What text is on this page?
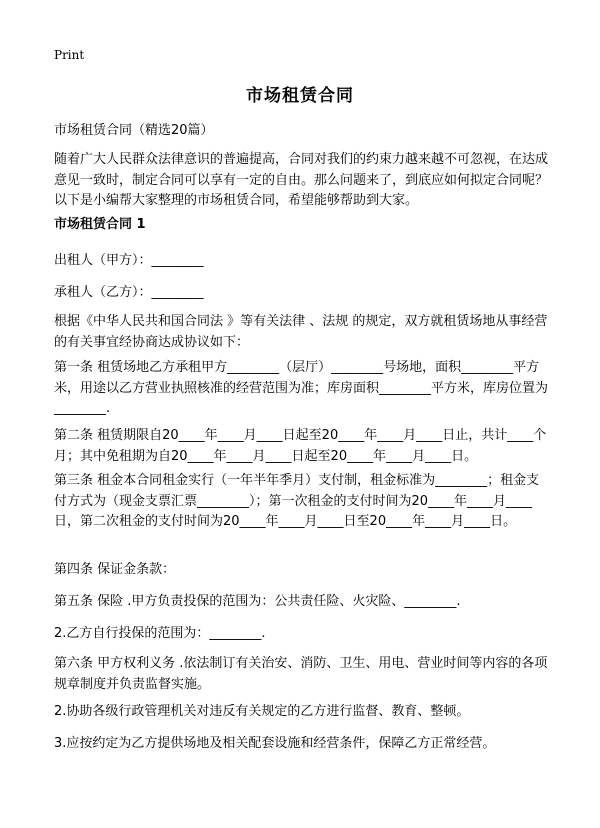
Print
市场租赁合同
市场租赁合同（精选20篇）
随着广大人民群众法律意识的普遍提高，合同对我们的约束力越来越不可忽视，在达成意见一致时，制定合同可以享有一定的自由。那么问题来了，到底应如何拟定合同呢？以下是小编帮大家整理的市场租赁合同，希望能够帮助到大家。
市场租赁合同 1
出租人（甲方）：________
承租人（乙方）：________
根据《中华人民共和国合同法 》等有关法律 、法规 的规定，双方就租赁场地从事经营的有关事宜经协商达成协议如下：
第一条 租赁场地乙方承租甲方________（层厅）________号场地，面积________平方米，用途以乙方营业执照核准的经营范围为准；库房面积________平方米，库房位置为________.
第二条 租赁期限自20____年____月____日起至20____年____月____日止，共计____个月；其中免租期为自20____年____月____日起至20____年____月____日。
第三条 租金本合同租金实行（一年半年季月）支付制，租金标准为________；租金支付方式为（现金支票汇票________）；第一次租金的支付时间为20____年____月____日，第二次租金的支付时间为20____年____月____日至20____年____月____日。
第四条 保证金条款：
第五条 保险 .甲方负责投保的范围为：公共责任险、火灾险、________.
2.乙方自行投保的范围为：________.
第六条 甲方权利义务 .依法制订有关治安、消防、卫生、用电、营业时间等内容的各项规章制度并负责监督实施。
2.协助各级行政管理机关对违反有关规定的乙方进行监督、教育、整顿。
3.应按约定为乙方提供场地及相关配套设施和经营条件，保障乙方正常经营。
